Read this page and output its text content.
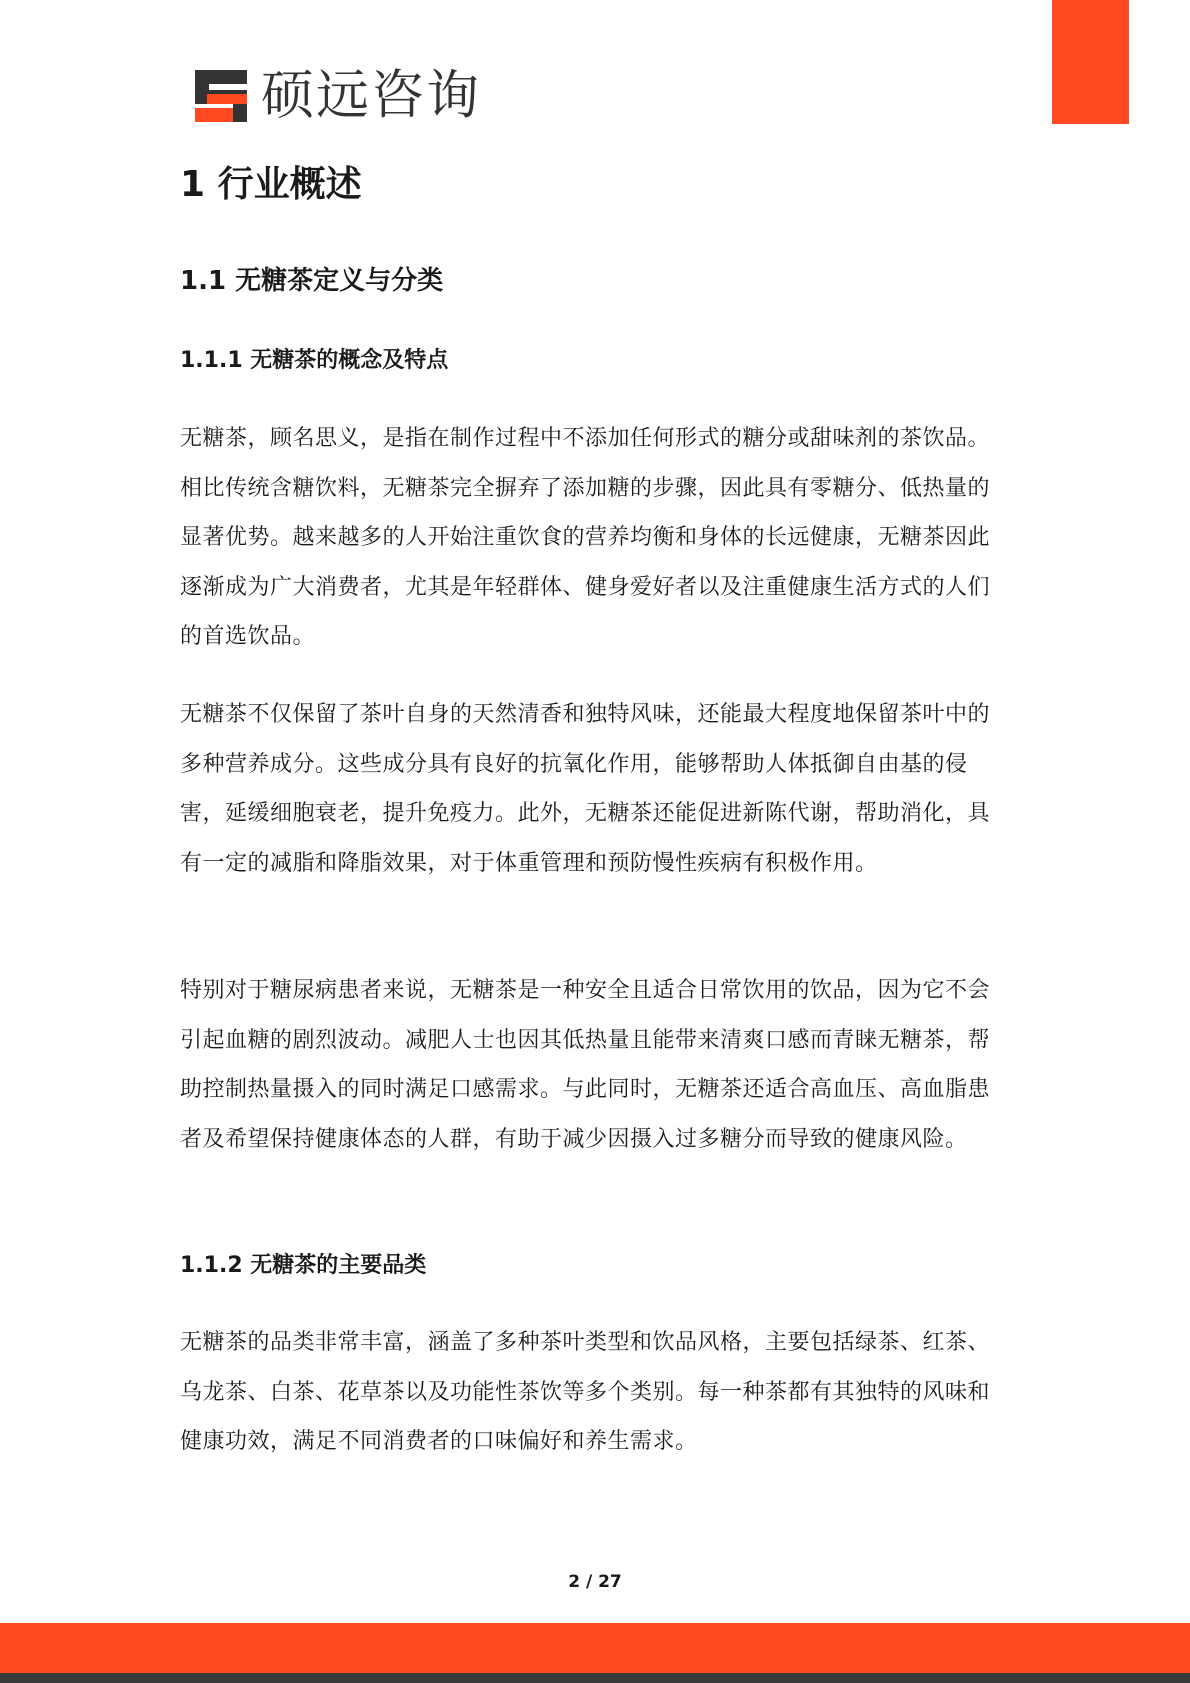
硕远咨询
1 行业概述
1.1 无糖茶定义与分类
1.1.1 无糖茶的概念及特点

无糖茶，顾名思义，是指在制作过程中不添加任何形式的糖分或甜味剂的茶饮品。相比传统含糖饮料，无糖茶完全摒弃了添加糖的步骤，因此具有零糖分、低热量的显著优势。越来越多的人开始注重饮食的营养均衡和身体的长远健康，无糖茶因此逐渐成为广大消费者，尤其是年轻群体、健身爱好者以及注重健康生活方式的人们的首选饮品。

无糖茶不仅保留了茶叶自身的天然清香和独特风味，还能最大程度地保留茶叶中的多种营养成分。这些成分具有良好的抗氧化作用，能够帮助人体抵御自由基的侵害，延缓细胞衰老，提升免疫力。此外，无糖茶还能促进新陈代谢，帮助消化，具有一定的减脂和降脂效果，对于体重管理和预防慢性疾病有积极作用。

特别对于糖尿病患者来说，无糖茶是一种安全且适合日常饮用的饮品，因为它不会引起血糖的剧烈波动。减肥人士也因其低热量且能带来清爽口感而青睐无糖茶，帮助控制热量摄入的同时满足口感需求。与此同时，无糖茶还适合高血压、高血脂患者及希望保持健康体态的人群，有助于减少因摄入过多糖分而导致的健康风险。

1.1.2 无糖茶的主要品类

无糖茶的品类非常丰富，涵盖了多种茶叶类型和饮品风格，主要包括绿茶、红茶、乌龙茶、白茶、花草茶以及功能性茶饮等多个类别。每一种茶都有其独特的风味和健康功效，满足不同消费者的口味偏好和养生需求。

2 / 27
